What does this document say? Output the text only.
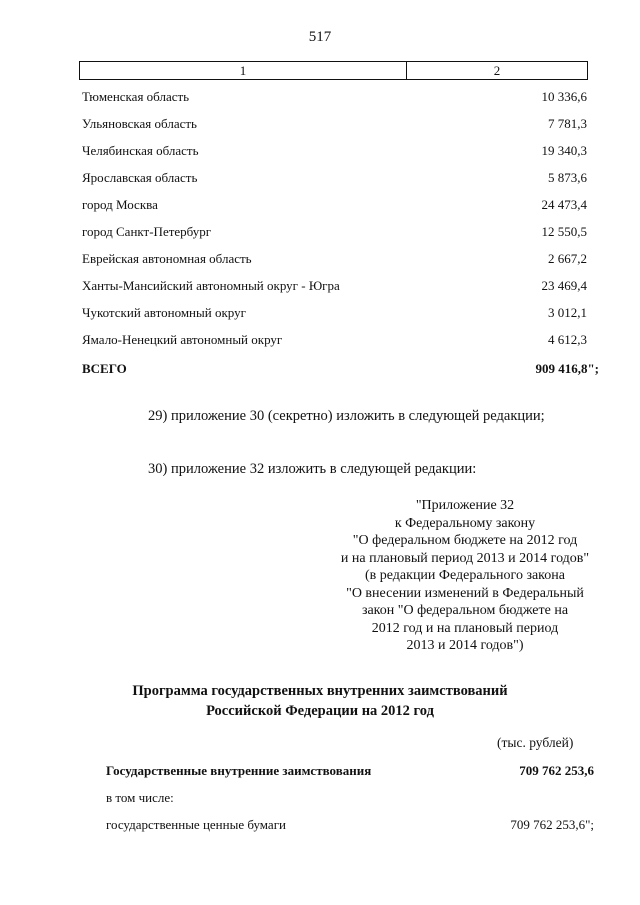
517
1	2
Тюменская область	10 336,6
Ульяновская область	7 781,3
Челябинская область	19 340,3
Ярославская область	5 873,6
город Москва	24 473,4
город Санкт-Петербург	12 550,5
Еврейская автономная область	2 667,2
Ханты-Мансийский автономный округ - Югра	23 469,4
Чукотский автономный округ	3 012,1
Ямало-Ненецкий автономный округ	4 612,3
ВСЕГО	909 416,8";
29) приложение 30 (секретно) изложить в следующей редакции;
30) приложение 32 изложить в следующей редакции:
"Приложение 32
к Федеральному закону
"О федеральном бюджете на 2012 год
и на плановый период 2013 и 2014 годов"
(в редакции Федерального закона
"О внесении изменений в Федеральный
закон "О федеральном бюджете на
2012 год и на плановый период
2013 и 2014 годов")
Программа государственных внутренних заимствований
Российской Федерации на 2012 год
(тыс. рублей)
Государственные внутренние заимствования	709 762 253,6
в том числе:
государственные ценные бумаги	709 762 253,6";
